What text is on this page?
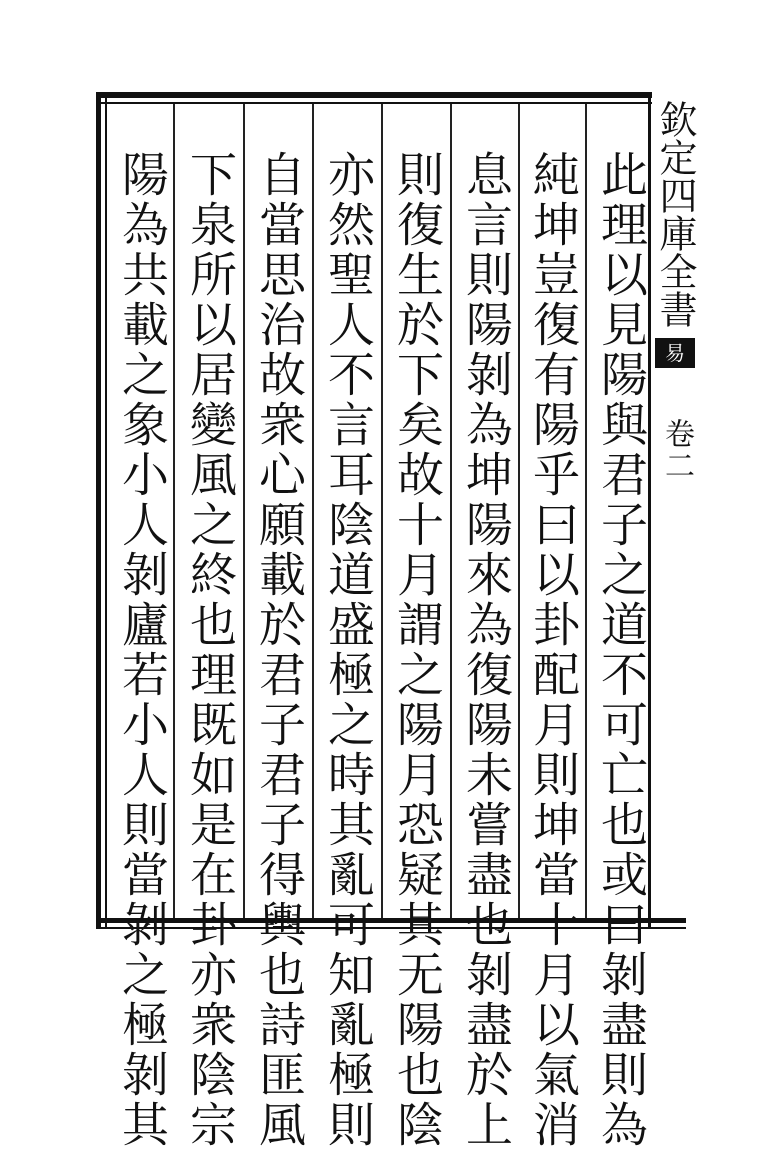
欽定四庫全書
易
卷二
此理以見陽與君子之道不可亡也或曰剝盡則為
純坤豈復有陽乎曰以卦配月則坤當十月以氣消
息言則陽剝為坤陽來為復陽未嘗盡也剝盡於上
則復生於下矣故十月謂之陽月恐疑其无陽也陰
亦然聖人不言耳陰道盛極之時其亂可知亂極則
自當思治故衆心願載於君子君子得輿也詩匪風
下泉所以居變風之終也理既如是在卦亦衆陰宗
陽為共載之象小人剝廬若小人則當剝之極剝其
